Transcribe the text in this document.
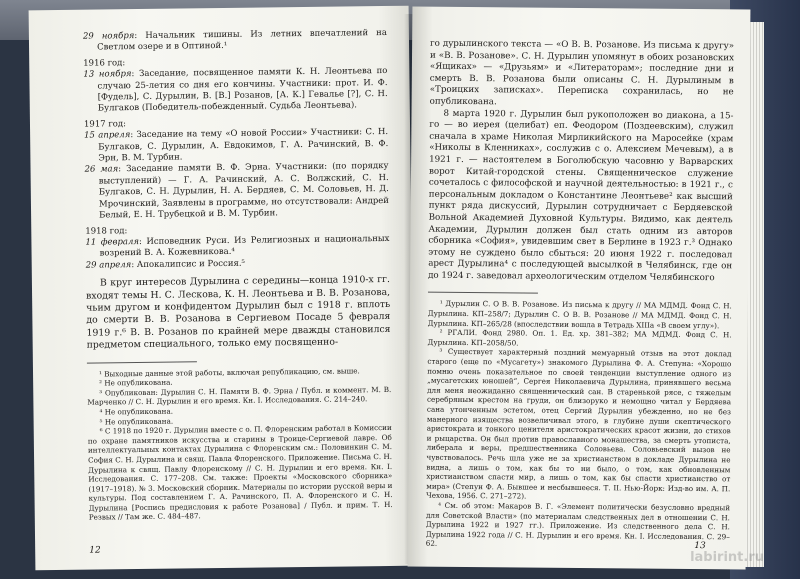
29 ноября: Начальник тишины. Из летних впечатлений на Светлом озере и в Оптиной.¹

1916 год:

13 ноября: Заседание, посвященное памяти К. Н. Леонтьева по случаю 25-летия со дня его кончины. Участники: прот. И. Ф. [Фудель], С. Дурылин, В. [В.] Розанов, [А. К.] Гевалье [?], С. Н. Булгаков (Победитель-побежденный. Судьба Леонтьева).

1917 год:

15 апреля: Заседание на тему «О новой России» Участники: С. Н. Булгаков, С. Дурылин, А. Евдокимов, Г. А. Рачинский, В. Ф. Эрн, В. М. Турбин.

26 мая: Заседание памяти В. Ф. Эрна. Участники: (по порядку выступлений) — Г. А. Рачинский, А. С. Волжский, С. Н. Булгаков, С. Н. Дурылин, Н. А. Бердяев, С. М. Соловьев, Н. Д. Мрочинский, Заявлены в программе, но отсутствовали: Андрей Белый, Е. Н. Трубецкой и В. М. Турбин.

1918 год:

11 февраля: Исповедник Руси. Из Религиозных и национальных возрений В. А. Кожевникова.⁴

29 апреля: Апокалипсис и Россия.⁵

В круг интересов Дурылина с середины—конца 1910-х гг. входят темы Н. С. Лескова, К. Н. Леонтьева и В. В. Розанова, чьим другом и конфидентом Дурылин был с 1918 г. вплоть до смерти В. В. Розанова в Сергиевом Посаде 5 февраля 1919 г.⁶ В. В. Розанов по крайней мере дважды становился предметом специального, только ему посвященно-

¹ Выходные данные этой работы, включая републикацию, см. выше.

² Не опубликована.

³ Опубликован: Дурылин С. Н. Памяти В. Ф. Эрна / Публ. и коммент. М. В. Марченко // С. Н. Дурылин и его время. Кн. I. Исследования. С. 214–240.

⁴ Не опубликована.

⁵ Не опубликована.

⁶ С 1918 по 1920 г. Дурылин вместе с о. П. Флоренским работал в Комиссии по охране памятников искусства и старины в Троице-Сергиевой лавре. Об интеллектуальных контактах Дурылина с Флоренским см.: Половинкин С. М. София С. Н. Дурылина и свящ. Павла Флоренского. Приложение. Письма С. Н. Дурылина к свящ. Павлу Флоренскому // С. Н. Дурылин и его время. Кн. I. Исследования. С. 177–208. См. также: Проекты «Московского сборника» (1917–1918). № 3. Московский сборник. Материалы по истории русской веры и культуры. Под составлением Г. А. Рачинского, П. А. Флоренского и С. Н. Дурылина [Роспись предисловия к работе Розанова] / Публ. и прим. Т. Н. Резвых // Там же. С. 484–487.

12

го дурылинского текста — «О В. В. Розанове. Из письма к другу» и «В. В. Розанове». С. Н. Дурылин упомянут в обоих розановских «Ящиках» — «Друзьям» и «Литераторам»; последние дни и смерть В. В. Розанова были описаны С. Н. Дурылиным в «Троицких записках». Переписка сохранилась, но не опубликована.

8 марта 1920 г. Дурылин был рукоположен во диакона, а 15-го — во иерея (целибат) еп. Феодором (Поздеевским), служил сначала в храме Николая Мирликийского на Маросейке (храм «Николы в Кленниках», сослужив с о. Алексием Мечевым), а в 1921 г. — настоятелем в Боголюбскую часовню у Варварских ворот Китай-городской стены. Священническое служение сочеталось с философской и научной деятельностью: в 1921 г., с персональным докладом о Константине Леонтьеве² как высший пункт ряда дискуссий, Дурылин сотрудничает с Бердяевской Вольной Академией Духовной Культуры. Видимо, как деятель Академии, Дурылин должен был стать одним из авторов сборника «София», увидевшим свет в Берлине в 1923 г.³ Однако этому не суждено было сбыться: 20 июня 1922 г. последовал арест Дурылина⁴ с последующей высылкой в Челябинск, где он до 1924 г. заведовал археологическим отделом Челябинского

¹ Дурылин С. О В. В. Розанове. Из письма к другу // МА МДМД. Фонд С. Н. Дурылина. КП–258/7; Дурылин С. О В. В. Розанове // МА МДМД. Фонд С. Н. Дурылина. КП–265/28 (впоследствии вошла в Тетрадь XIIIa «В своем углу»).

² РГАЛИ. Фонд 2980. Оп. 1. Ед. хр. 381–382; МА МДМД. Фонд С. Н. Дурылина. КП–2058/50.

³ Существует характерный поздний мемуарный отзыв на этот доклад старого (еще по «Мусагету») знакомого Дурылина Ф. А. Степуна: «Хорошо помню очень показательное по своей тенденции выступление одного из „мусагетских юношей“, Сергея Николаевича Дурылина, принявшего весьма для меня неожиданно священнический сан. В старенькой рясе, с тяжелым серебряным крестом на груди, он близоруко и немощно читал у Бердяева сана утонченным эстетом, отец Сергий Дурылин убежденно, но не без манерного изящества возвеличивал этого, в глубине души скептического аристократа и тонкого ценителя аристократических красот жизни, до стихов и рыцарства. Он был против православного монашества, за смерть утописта, либерала и веры, предшественника Соловьева. Соловьевский вызов не чувствовалось. Речь шла уже не за христианством в докладе Дурылина не видна, а лишь о том, как бы то ни было, о том, как обновленным христианством спасти мир, а лишь о том, как бы спасти христианство от мира» (Степун Ф. А. Бывшее и несбывшееся. Т. II. Нью-Йорк: Изд-во им. А. П. Чехова, 1956. С. 271–272).

⁴ См. об этом: Макаров В. Г. «Элемент политически безусловно вредный для Советской Власти» (по материалам следственных дел в отношении С. Н. Дурылина 1922 и 1927 гг.). Приложение. Из следственного дела С. Н. Дурылина 1922 года // С. Н. Дурылин и его время. Кн. I. Исследования. С. 29–62.	13
labirint.ru
